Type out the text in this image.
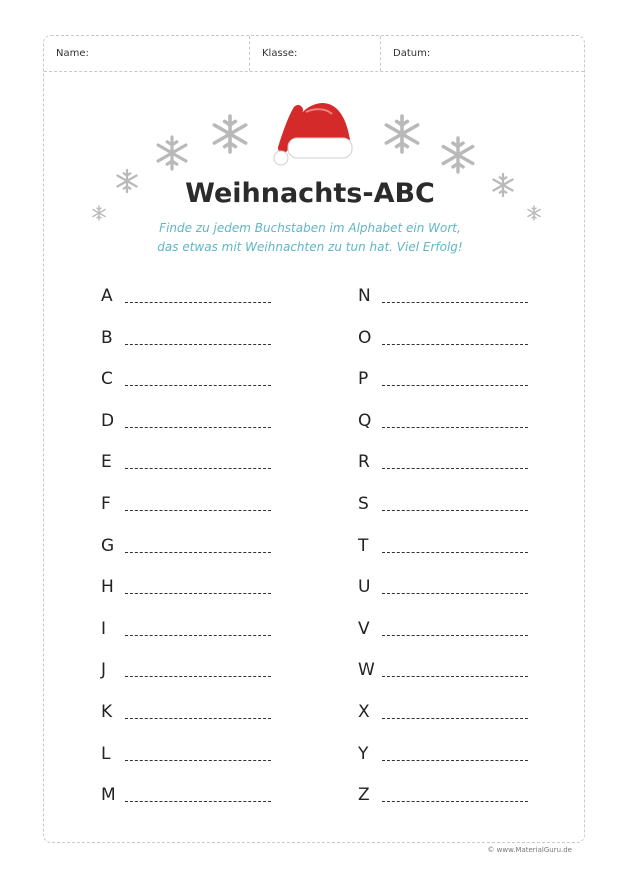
Name:	Klasse:	Datum:
Weihnachts-ABC
Finde zu jedem Buchstaben im Alphabet ein Wort,
das etwas mit Weihnachten zu tun hat. Viel Erfolg!
A
B
C
D
E
F
G
H
I
J
K
L
M
N
O
P
Q
R
S
T
U
V
W
X
Y
Z
© www.MaterialGuru.de
